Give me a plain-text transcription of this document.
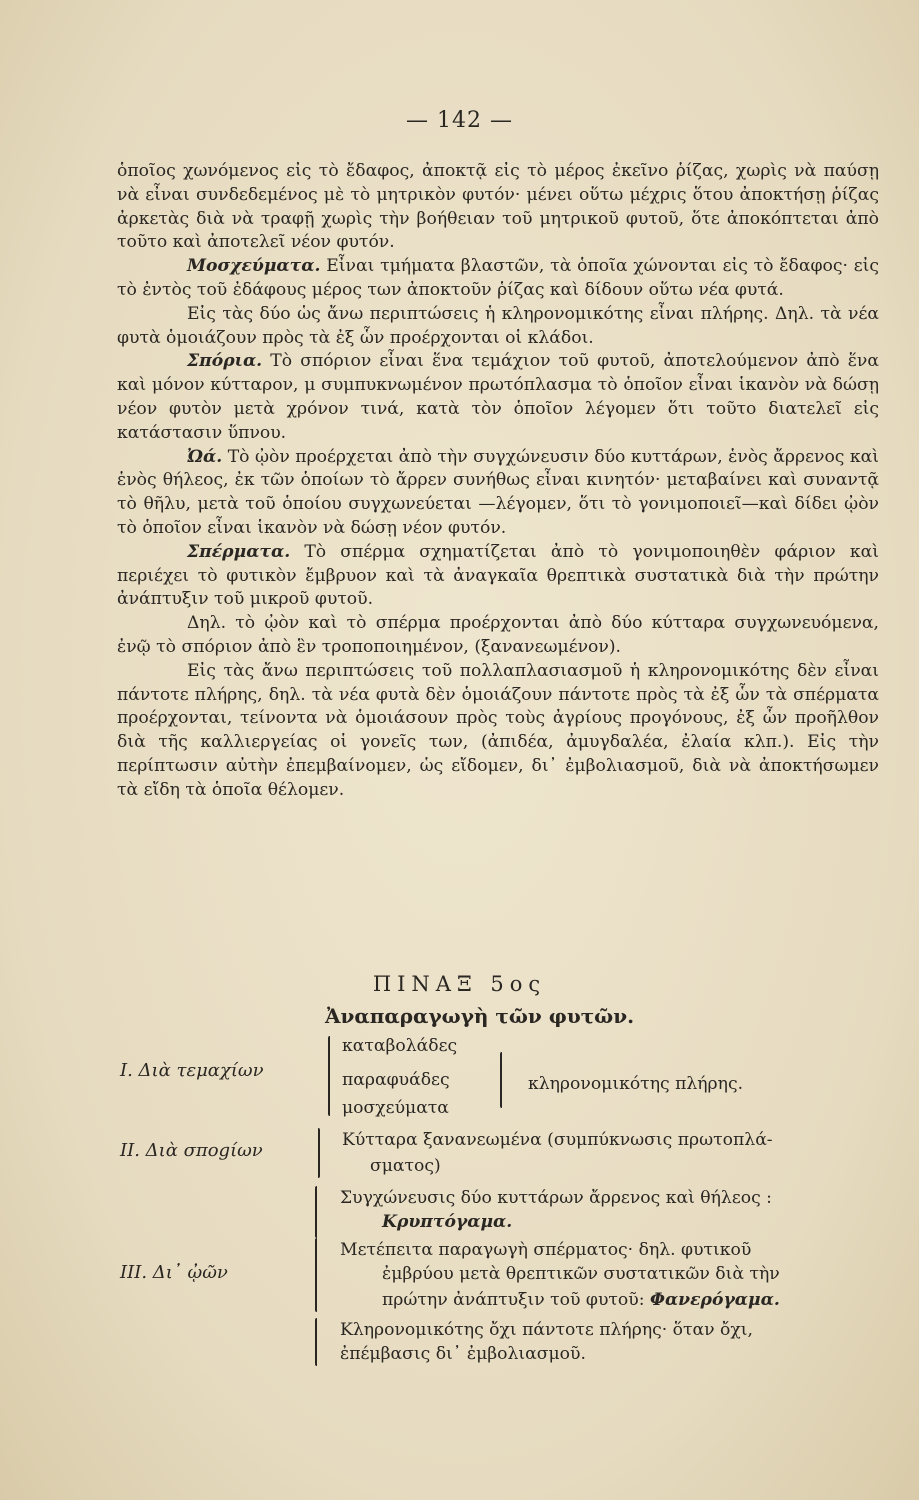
— 142 —

ὁποῖος χωνόμενος εἰς τὸ ἔδαφος, ἀποκτᾷ εἰς τὸ μέρος ἐκεῖνο ῥίζας, χωρὶς νὰ παύσῃ νὰ εἶναι συνδεδεμένος μὲ τὸ μητρικὸν φυτόν· μένει οὕτω μέχρις ὅτου ἀποκτήσῃ ῥίζας ἀρκετὰς διὰ νὰ τραφῇ χωρὶς τὴν βοήθειαν τοῦ μητρικοῦ φυτοῦ, ὅτε ἀποκόπτεται ἀπὸ τοῦτο καὶ ἀποτελεῖ νέον φυτόν.

Μοσχεύματα. Εἶναι τμήματα βλαστῶν, τὰ ὁποῖα χώνονται εἰς τὸ ἔδαφος· εἰς τὸ ἐντὸς τοῦ ἐδάφους μέρος των ἀποκτοῦν ῥίζας καὶ δίδουν οὕτω νέα φυτά.

Εἰς τὰς δύο ὡς ἄνω περιπτώσεις ἡ κληρονομικότης εἶναι πλήρης. Δηλ. τὰ νέα φυτὰ ὁμοιάζουν πρὸς τὰ ἐξ ὧν προέρχονται οἱ κλάδοι.

Σπόρια. Τὸ σπόριον εἶναι ἕνα τεμάχιον τοῦ φυτοῦ, ἀποτελούμενον ἀπὸ ἕνα καὶ μόνον κύτταρον, μ συμπυκνωμένον πρωτόπλασμα τὸ ὁποῖον εἶναι ἱκανὸν νὰ δώσῃ νέον φυτὸν μετὰ χρόνον τινά, κατὰ τὸν ὁποῖον λέγομεν ὅτι τοῦτο διατελεῖ εἰς κατάστασιν ὕπνου.

Ὠά. Τὸ ᾠὸν προέρχεται ἀπὸ τὴν συγχώνευσιν δύο κυττάρων, ἑνὸς ἄρρενος καὶ ἑνὸς θήλεος, ἐκ τῶν ὁποίων τὸ ἄρρεν συνήθως εἶναι κινητόν· μεταβαίνει καὶ συναντᾷ τὸ θῆλυ, μετὰ τοῦ ὁποίου συγχωνεύεται —λέγομεν, ὅτι τὸ γονιμοποιεῖ—καὶ δίδει ᾠὸν τὸ ὁποῖον εἶναι ἱκανὸν νὰ δώσῃ νέον φυτόν.

Σπέρματα. Τὸ σπέρμα σχηματίζεται ἀπὸ τὸ γονιμοποιηθὲν φάριον καὶ περιέχει τὸ φυτικὸν ἔμβρυον καὶ τὰ ἀναγκαῖα θρεπτικὰ συστατικὰ διὰ τὴν πρώτην ἀνάπτυξιν τοῦ μικροῦ φυτοῦ.

Δηλ. τὸ ᾠὸν καὶ τὸ σπέρμα προέρχονται ἀπὸ δύο κύτταρα συγχωνευόμενα, ἐνῷ τὸ σπόριον ἀπὸ ἓν τροποποιημένον, (ξανανεωμένον).

Εἰς τὰς ἄνω περιπτώσεις τοῦ πολλαπλασιασμοῦ ἡ κληρονομικότης δὲν εἶναι πάντοτε πλήρης, δηλ. τὰ νέα φυτὰ δὲν ὁμοιάζουν πάντοτε πρὸς τὰ ἐξ ὧν τὰ σπέρματα προέρχονται, τείνοντα νὰ ὁμοιάσουν πρὸς τοὺς ἀγρίους προγόνους, ἐξ ὧν προῆλθον διὰ τῆς καλλιεργείας οἱ γονεῖς των, (ἀπιδέα, ἀμυγδαλέα, ἐλαία κλπ.). Εἰς τὴν περίπτωσιν αὐτὴν ἐπεμβαίνομεν, ὡς εἴδομεν, δι᾽ ἐμβολιασμοῦ, διὰ νὰ ἀποκτήσωμεν τὰ εἴδη τὰ ὁποῖα θέλομεν.

ΠΙΝΑΞ 5ος
Ἀναπαραγωγὴ τῶν φυτῶν.
Ι. Διὰ τεμαχίων
καταβολάδες
παραφυάδες
μοσχεύματα
κληρονομικότης πλήρης.
ΙΙ. Διὰ σποgίων	Κύτταρα ξανανεωμένα (συμπύκνωσις πρωτοπλά-
σματος)
ΙΙΙ. Δι᾽ ᾠῶν
Συγχώνευσις δύο κυττάρων ἄρρενος καὶ θήλεος :
Κρυπτόγαμα.
Μετέπειτα παραγωγὴ σπέρματος· δηλ. φυτικοῦ
ἐμβρύου μετὰ θρεπτικῶν συστατικῶν διὰ τὴν
πρώτην ἀνάπτυξιν τοῦ φυτοῦ: Φανερόγαμα.
Κληρονομικότης ὄχι πάντοτε πλήρης· ὅταν ὄχι,
ἐπέμβασις δι᾽ ἐμβολιασμοῦ.
